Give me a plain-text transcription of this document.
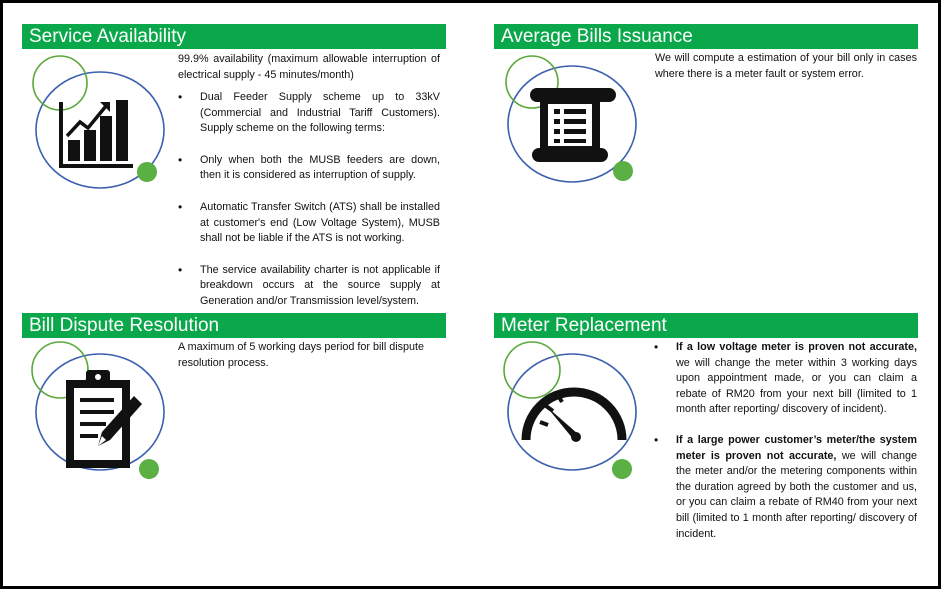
Service Availability

99.9% availability (maximum allowable interruption of electrical supply - 45 minutes/month)

• Dual Feeder Supply scheme up to 33kV (Commercial and Industrial Tariff Customers). Supply scheme on the following terms:
• Only when both the MUSB feeders are down, then it is considered as interruption of supply.
• Automatic Transfer Switch (ATS) shall be installed at customer's end (Low Voltage System), MUSB shall not be liable if the ATS is not working.
• The service availability charter is not applicable if breakdown occurs at the source supply at Generation and/or Transmission level/system.
Average Bills Issuance

We will compute a estimation of your bill only in cases where there is a meter fault or system error.

Bill Dispute Resolution

A maximum of 5 working days period for bill dispute resolution process.

Meter Replacement
• If a low voltage meter is proven not accurate, we will change the meter within 3 working days upon appointment made, or you can claim a rebate of RM20 from your next bill (limited to 1 month after reporting/ discovery of incident).
• If a large power customer’s meter/the system meter is proven not accurate, we will change the meter and/or the metering components within the duration agreed by both the customer and us, or you can claim a rebate of RM40 from your next bill (limited to 1 month after reporting/ discovery of incident.
